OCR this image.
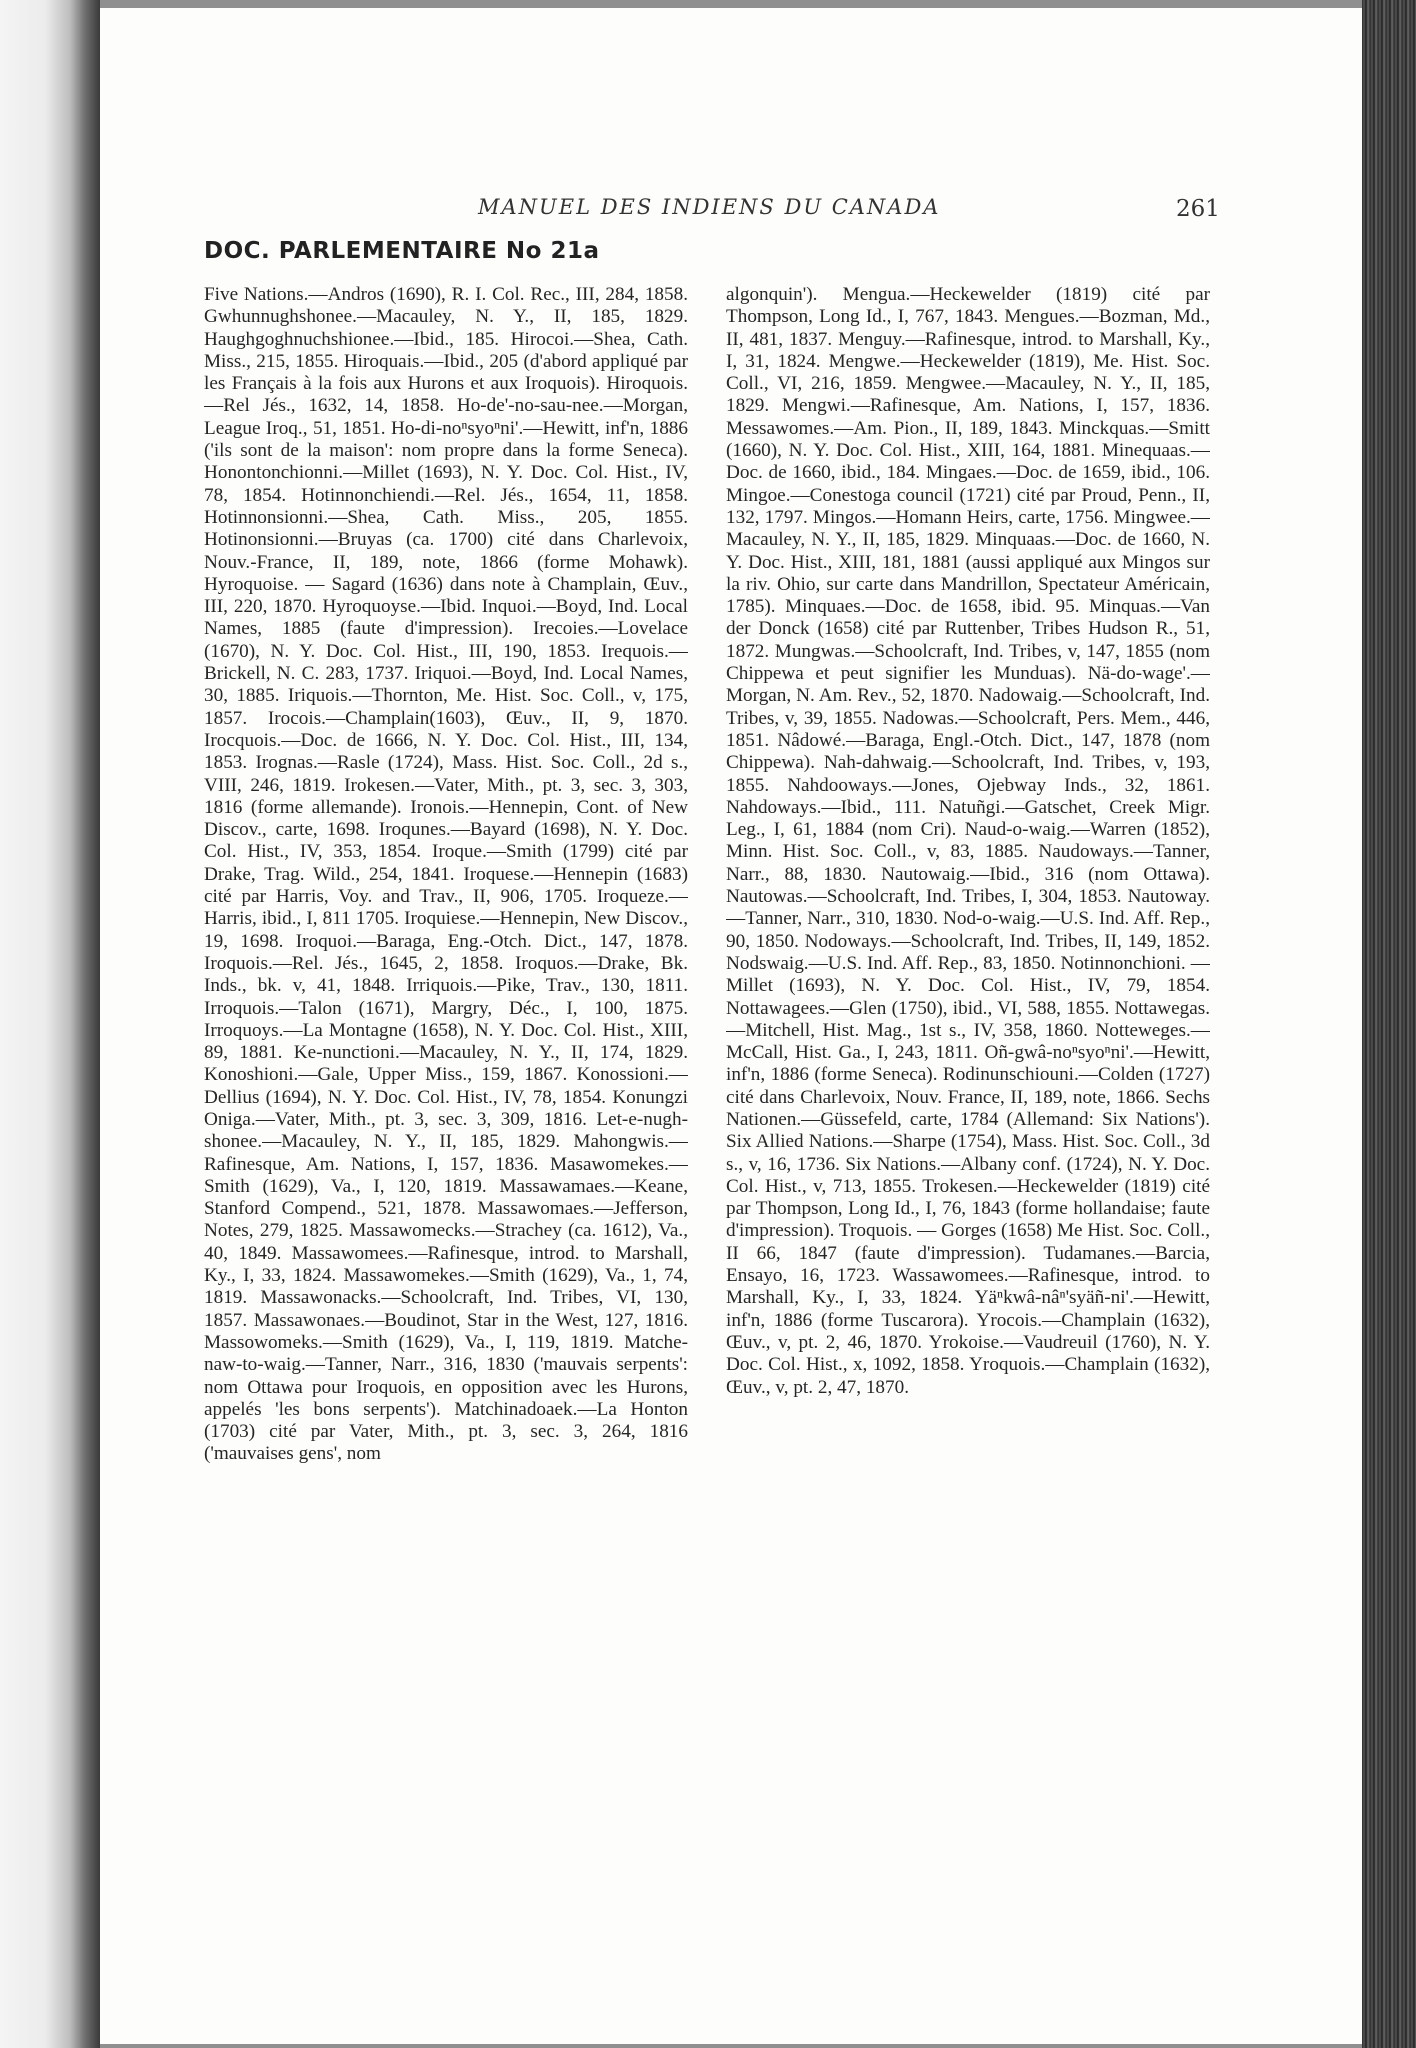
MANUEL DES INDIENS DU CANADA	261
DOC. PARLEMENTAIRE No 21a

Five Nations.—Andros (1690), R. I. Col. Rec., III, 284, 1858. Gwhunnughshonee.—Macauley, N. Y., II, 185, 1829. Haughgoghnuchshionee.—Ibid., 185. Hirocoi.—Shea, Cath. Miss., 215, 1855. Hiroquais.—Ibid., 205 (d'abord appliqué par les Français à la fois aux Hurons et aux Iroquois). Hiroquois.—Rel Jés., 1632, 14, 1858. Ho-de'-no-sau-nee.—Morgan, League Iroq., 51, 1851. Ho-di-noⁿsyoⁿni'.—Hewitt, inf'n, 1886 ('ils sont de la maison': nom propre dans la forme Seneca). Honontonchionni.—Millet (1693), N. Y. Doc. Col. Hist., IV, 78, 1854. Hotinnonchiendi.—Rel. Jés., 1654, 11, 1858. Hotinnonsionni.—Shea, Cath. Miss., 205, 1855. Hotinonsionni.—Bruyas (ca. 1700) cité dans Charlevoix, Nouv.-France, II, 189, note, 1866 (forme Mohawk). Hyroquoise. — Sagard (1636) dans note à Champlain, Œuv., III, 220, 1870. Hyroquoyse.—Ibid. Inquoi.—Boyd, Ind. Local Names, 1885 (faute d'impression). Irecoies.—Lovelace (1670), N. Y. Doc. Col. Hist., III, 190, 1853. Irequois.—Brickell, N. C. 283, 1737. Iriquoi.—Boyd, Ind. Local Names, 30, 1885. Iriquois.—Thornton, Me. Hist. Soc. Coll., v, 175, 1857. Irocois.—Champlain(1603), Œuv., II, 9, 1870. Irocquois.—Doc. de 1666, N. Y. Doc. Col. Hist., III, 134, 1853. Irognas.—Rasle (1724), Mass. Hist. Soc. Coll., 2d s., VIII, 246, 1819. Irokesen.—Vater, Mith., pt. 3, sec. 3, 303, 1816 (forme allemande). Ironois.—Hennepin, Cont. of New Discov., carte, 1698. Iroqunes.—Bayard (1698), N. Y. Doc. Col. Hist., IV, 353, 1854. Iroque.—Smith (1799) cité par Drake, Trag. Wild., 254, 1841. Iroquese.—Hennepin (1683) cité par Harris, Voy. and Trav., II, 906, 1705. Iroqueze.—Harris, ibid., I, 811 1705. Iroquiese.—Hennepin, New Discov., 19, 1698. Iroquoi.—Baraga, Eng.-Otch. Dict., 147, 1878. Iroquois.—Rel. Jés., 1645, 2, 1858. Iroquos.—Drake, Bk. Inds., bk. v, 41, 1848. Irriquois.—Pike, Trav., 130, 1811. Irroquois.—Talon (1671), Margry, Déc., I, 100, 1875. Irroquoys.—La Montagne (1658), N. Y. Doc. Col. Hist., XIII, 89, 1881. Ke-nunctioni.—Macauley, N. Y., II, 174, 1829. Konoshioni.—Gale, Upper Miss., 159, 1867. Konossioni.—Dellius (1694), N. Y. Doc. Col. Hist., IV, 78, 1854. Konungzi Oniga.—Vater, Mith., pt. 3, sec. 3, 309, 1816. Let-e-nugh-shonee.—Macauley, N. Y., II, 185, 1829. Mahongwis.—Rafinesque, Am. Nations, I, 157, 1836. Masawomekes.—Smith (1629), Va., I, 120, 1819. Massawamaes.—Keane, Stanford Compend., 521, 1878. Massawomaes.—Jefferson, Notes, 279, 1825. Massawomecks.—Strachey (ca. 1612), Va., 40, 1849. Massawomees.—Rafinesque, introd. to Marshall, Ky., I, 33, 1824. Massawomekes.—Smith (1629), Va., 1, 74, 1819. Massawonacks.—Schoolcraft, Ind. Tribes, VI, 130, 1857. Massawonaes.—Boudinot, Star in the West, 127, 1816. Massowomeks.—Smith (1629), Va., I, 119, 1819. Matche-naw-to-waig.—Tanner, Narr., 316, 1830 ('mauvais serpents': nom Ottawa pour Iroquois, en opposition avec les Hurons, appelés 'les bons serpents'). Matchinadoaek.—La Honton (1703) cité par Vater, Mith., pt. 3, sec. 3, 264, 1816 ('mauvaises gens', nom

algonquin'). Mengua.—Heckewelder (1819) cité par Thompson, Long Id., I, 767, 1843. Mengues.—Bozman, Md., II, 481, 1837. Menguy.—Rafinesque, introd. to Marshall, Ky., I, 31, 1824. Mengwe.—Heckewelder (1819), Me. Hist. Soc. Coll., VI, 216, 1859. Mengwee.—Macauley, N. Y., II, 185, 1829. Mengwi.—Rafinesque, Am. Nations, I, 157, 1836. Messawomes.—Am. Pion., II, 189, 1843. Minckquas.—Smitt (1660), N. Y. Doc. Col. Hist., XIII, 164, 1881. Minequaas.—Doc. de 1660, ibid., 184. Mingaes.—Doc. de 1659, ibid., 106. Mingoe.—Conestoga council (1721) cité par Proud, Penn., II, 132, 1797. Mingos.—Homann Heirs, carte, 1756. Mingwee.—Macauley, N. Y., II, 185, 1829. Minquaas.—Doc. de 1660, N. Y. Doc. Hist., XIII, 181, 1881 (aussi appliqué aux Mingos sur la riv. Ohio, sur carte dans Mandrillon, Spectateur Américain, 1785). Minquaes.—Doc. de 1658, ibid. 95. Minquas.—Van der Donck (1658) cité par Ruttenber, Tribes Hudson R., 51, 1872. Mungwas.—Schoolcraft, Ind. Tribes, v, 147, 1855 (nom Chippewa et peut signifier les Munduas). Nä-do-wage'.—Morgan, N. Am. Rev., 52, 1870. Nadowaig.—Schoolcraft, Ind. Tribes, v, 39, 1855. Nadowas.—Schoolcraft, Pers. Mem., 446, 1851. Nâdowé.—Baraga, Engl.-Otch. Dict., 147, 1878 (nom Chippewa). Nah-dahwaig.—Schoolcraft, Ind. Tribes, v, 193, 1855. Nahdooways.—Jones, Ojebway Inds., 32, 1861. Nahdoways.—Ibid., 111. Natuñgi.—Gatschet, Creek Migr. Leg., I, 61, 1884 (nom Cri). Naud-o-waig.—Warren (1852), Minn. Hist. Soc. Coll., v, 83, 1885. Naudoways.—Tanner, Narr., 88, 1830. Nautowaig.—Ibid., 316 (nom Ottawa). Nautowas.—Schoolcraft, Ind. Tribes, I, 304, 1853. Nautoway.—Tanner, Narr., 310, 1830. Nod-o-waig.—U.S. Ind. Aff. Rep., 90, 1850. Nodoways.—Schoolcraft, Ind. Tribes, II, 149, 1852. Nodswaig.—U.S. Ind. Aff. Rep., 83, 1850. Notinnonchioni. — Millet (1693), N. Y. Doc. Col. Hist., IV, 79, 1854. Nottawagees.—Glen (1750), ibid., VI, 588, 1855. Nottawegas.—Mitchell, Hist. Mag., 1st s., IV, 358, 1860. Notteweges.—McCall, Hist. Ga., I, 243, 1811. Oñ-gwâ-noⁿsyoⁿni'.—Hewitt, inf'n, 1886 (forme Seneca). Rodinunschiouni.—Colden (1727) cité dans Charlevoix, Nouv. France, II, 189, note, 1866. Sechs Nationen.—Güssefeld, carte, 1784 (Allemand: Six Nations'). Six Allied Nations.—Sharpe (1754), Mass. Hist. Soc. Coll., 3d s., v, 16, 1736. Six Nations.—Albany conf. (1724), N. Y. Doc. Col. Hist., v, 713, 1855. Trokesen.—Heckewelder (1819) cité par Thompson, Long Id., I, 76, 1843 (forme hollandaise; faute d'impression). Troquois. — Gorges (1658) Me Hist. Soc. Coll., II 66, 1847 (faute d'impression). Tudamanes.—Barcia, Ensayo, 16, 1723. Wassawomees.—Rafinesque, introd. to Marshall, Ky., I, 33, 1824. Yäⁿkwâ-nâⁿ'syäñ-ni'.—Hewitt, inf'n, 1886 (forme Tuscarora). Yrocois.—Champlain (1632), Œuv., v, pt. 2, 46, 1870. Yrokoise.—Vaudreuil (1760), N. Y. Doc. Col. Hist., x, 1092, 1858. Yroquois.—Champlain (1632), Œuv., v, pt. 2, 47, 1870.
